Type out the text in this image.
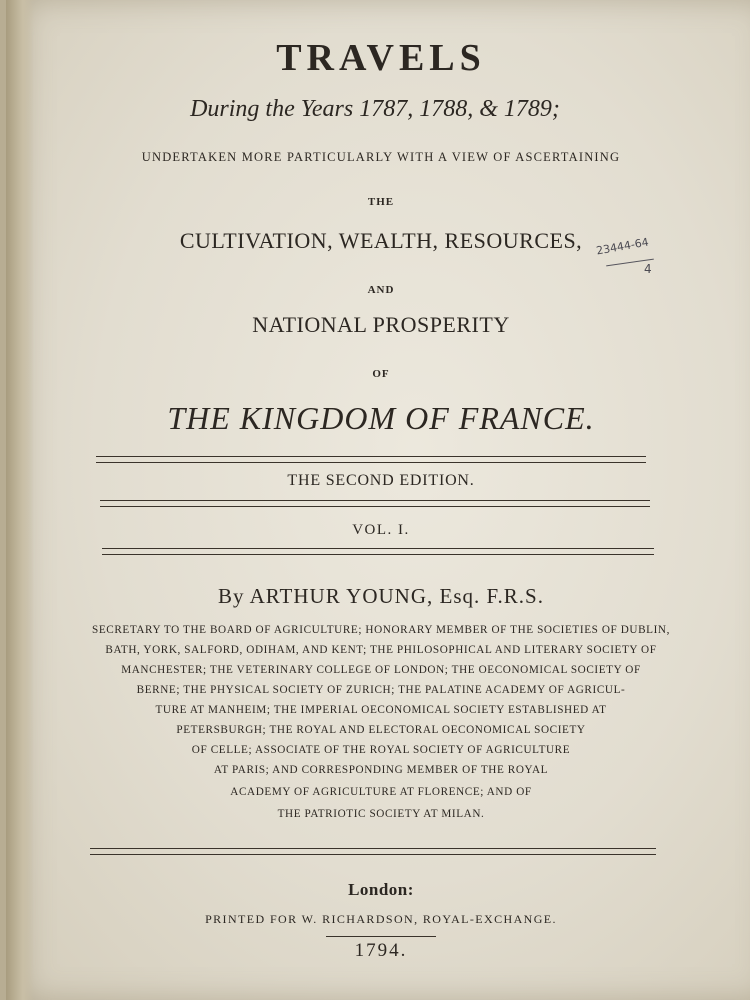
TRAVELS
During the Years 1787, 1788, & 1789;
UNDERTAKEN MORE PARTICULARLY WITH A VIEW OF ASCERTAINING
THE
CULTIVATION, WEALTH, RESOURCES,
AND
NATIONAL PROSPERITY
OF
THE KINGDOM OF FRANCE.
THE SECOND EDITION.
VOL. I.
By ARTHUR YOUNG, Esq. F.R.S.
SECRETARY TO THE BOARD OF AGRICULTURE; HONORARY MEMBER OF THE SOCIETIES OF DUBLIN,
BATH, YORK, SALFORD, ODIHAM, AND KENT; THE PHILOSOPHICAL AND LITERARY SOCIETY OF
MANCHESTER; THE VETERINARY COLLEGE OF LONDON; THE OECONOMICAL SOCIETY OF
BERNE; THE PHYSICAL SOCIETY OF ZURICH; THE PALATINE ACADEMY OF AGRICUL-
TURE AT MANHEIM; THE IMPERIAL OECONOMICAL SOCIETY ESTABLISHED AT
PETERSBURGH; THE ROYAL AND ELECTORAL OECONOMICAL SOCIETY
OF CELLE; ASSOCIATE OF THE ROYAL SOCIETY OF AGRICULTURE
AT PARIS; AND CORRESPONDING MEMBER OF THE ROYAL
ACADEMY OF AGRICULTURE AT FLORENCE; AND OF
THE PATRIOTIC SOCIETY AT MILAN.
London:
PRINTED FOR W. RICHARDSON, ROYAL-EXCHANGE.
1794.
23444-64
4
